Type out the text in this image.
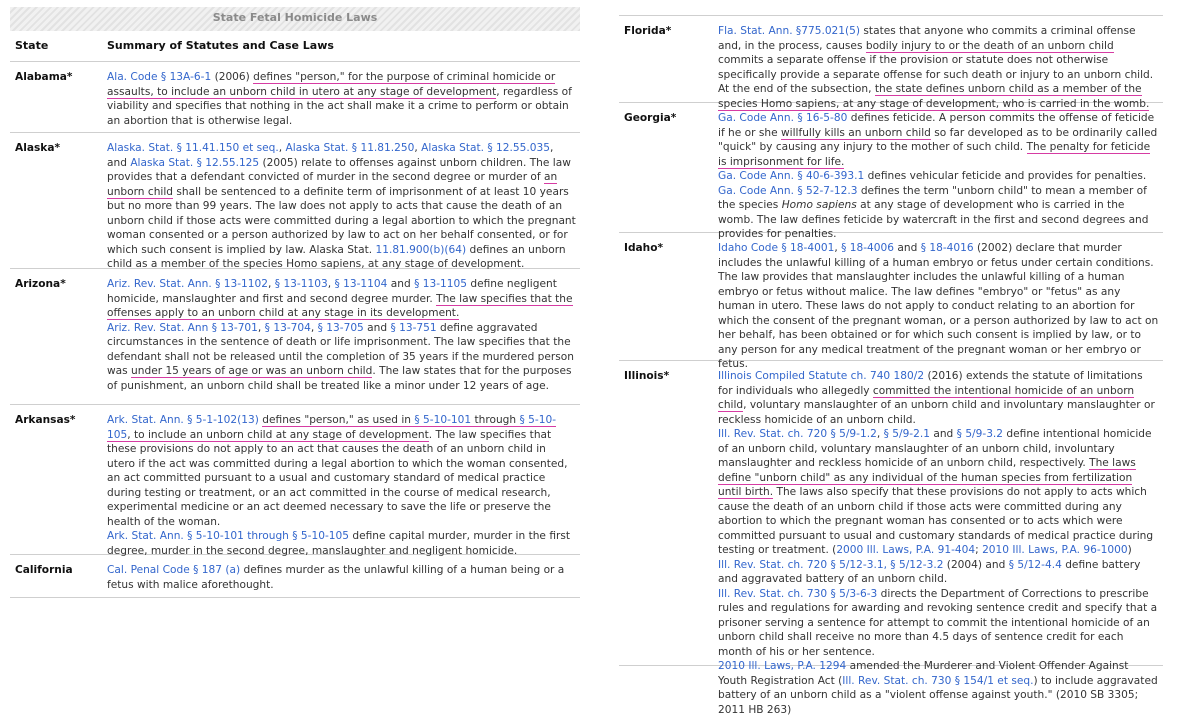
State Fetal Homicide Laws
State	Summary of Statutes and Case Laws
Alabama*	Ala. Code § 13A-6-1 (2006) defines "person," for the purpose of criminal homicide or assaults, to include an unborn child in utero at any stage of development, regardless of viability and specifies that nothing in the act shall make it a crime to perform or obtain an abortion that is otherwise legal.
Alaska*	Alaska. Stat. § 11.41.150 et seq., Alaska Stat. § 11.81.250, Alaska Stat. § 12.55.035, and Alaska Stat. § 12.55.125 (2005) relate to offenses against unborn children. The law provides that a defendant convicted of murder in the second degree or murder of an unborn child shall be sentenced to a definite term of imprisonment of at least 10 years but no more than 99 years. The law does not apply to acts that cause the death of an unborn child if those acts were committed during a legal abortion to which the pregnant woman consented or a person authorized by law to act on her behalf consented, or for which such consent is implied by law. Alaska Stat. 11.81.900(b)(64) defines an unborn child as a member of the species Homo sapiens, at any stage of development.
Arizona*	Ariz. Rev. Stat. Ann. § 13-1102, § 13-1103, § 13-1104 and § 13-1105 define negligent homicide, manslaughter and first and second degree murder. The law specifies that the offenses apply to an unborn child at any stage in its development.
Ariz. Rev. Stat. Ann § 13-701, § 13-704, § 13-705 and § 13-751 define aggravated circumstances in the sentence of death or life imprisonment. The law specifies that the defendant shall not be released until the completion of 35 years if the murdered person was under 15 years of age or was an unborn child. The law states that for the purposes of punishment, an unborn child shall be treated like a minor under 12 years of age.
Arkansas*	Ark. Stat. Ann. § 5-1-102(13) defines "person," as used in § 5-10-101 through § 5-10-105, to include an unborn child at any stage of development. The law specifies that these provisions do not apply to an act that causes the death of an unborn child in utero if the act was committed during a legal abortion to which the woman consented, an act committed pursuant to a usual and customary standard of medical practice during testing or treatment, or an act committed in the course of medical research, experimental medicine or an act deemed necessary to save the life or preserve the health of the woman.
Ark. Stat. Ann. § 5-10-101 through § 5-10-105 define capital murder, murder in the first degree, murder in the second degree, manslaughter and negligent homicide.
California	Cal. Penal Code § 187 (a) defines murder as the unlawful killing of a human being or a fetus with malice aforethought.
Florida*	Fla. Stat. Ann. §775.021(5) states that anyone who commits a criminal offense and, in the process, causes bodily injury to or the death of an unborn child commits a separate offense if the provision or statute does not otherwise specifically provide a separate offense for such death or injury to an unborn child. At the end of the subsection, the state defines unborn child as a member of the species Homo sapiens, at any stage of development, who is carried in the womb.
Georgia*	Ga. Code Ann. § 16-5-80 defines feticide. A person commits the offense of feticide if he or she willfully kills an unborn child so far developed as to be ordinarily called "quick" by causing any injury to the mother of such child. The penalty for feticide is imprisonment for life.
Ga. Code Ann. § 40-6-393.1 defines vehicular feticide and provides for penalties.
Ga. Code Ann. § 52-7-12.3 defines the term "unborn child" to mean a member of the species Homo sapiens at any stage of development who is carried in the womb. The law defines feticide by watercraft in the first and second degrees and provides for penalties.
Idaho*	Idaho Code § 18-4001, § 18-4006 and § 18-4016 (2002) declare that murder includes the unlawful killing of a human embryo or fetus under certain conditions. The law provides that manslaughter includes the unlawful killing of a human embryo or fetus without malice. The law defines "embryo" or "fetus" as any human in utero. These laws do not apply to conduct relating to an abortion for which the consent of the pregnant woman, or a person authorized by law to act on her behalf, has been obtained or for which such consent is implied by law, or to any person for any medical treatment of the pregnant woman or her embryo or fetus.
Illinois*	Illinois Compiled Statute ch. 740 180/2 (2016) extends the statute of limitations for individuals who allegedly committed the intentional homicide of an unborn child, voluntary manslaughter of an unborn child and involuntary manslaughter or reckless homicide of an unborn child.
Ill. Rev. Stat. ch. 720 § 5/9-1.2, § 5/9-2.1 and § 5/9-3.2 define intentional homicide of an unborn child, voluntary manslaughter of an unborn child, involuntary manslaughter and reckless homicide of an unborn child, respectively. The laws define "unborn child" as any individual of the human species from fertilization until birth. The laws also specify that these provisions do not apply to acts which cause the death of an unborn child if those acts were committed during any abortion to which the pregnant woman has consented or to acts which were committed pursuant to usual and customary standards of medical practice during testing or treatment. (2000 Ill. Laws, P.A. 91-404; 2010 Ill. Laws, P.A. 96-1000)
Ill. Rev. Stat. ch. 720 § 5/12-3.1, § 5/12-3.2 (2004) and § 5/12-4.4 define battery and aggravated battery of an unborn child.
Ill. Rev. Stat. ch. 730 § 5/3-6-3 directs the Department of Corrections to prescribe rules and regulations for awarding and revoking sentence credit and specify that a prisoner serving a sentence for attempt to commit the intentional homicide of an unborn child shall receive no more than 4.5 days of sentence credit for each month of his or her sentence.
2010 Ill. Laws, P.A. 1294 amended the Murderer and Violent Offender Against Youth Registration Act (Ill. Rev. Stat. ch. 730 § 154/1 et seq.) to include aggravated battery of an unborn child as a "violent offense against youth." (2010 SB 3305; 2011 HB 263)
